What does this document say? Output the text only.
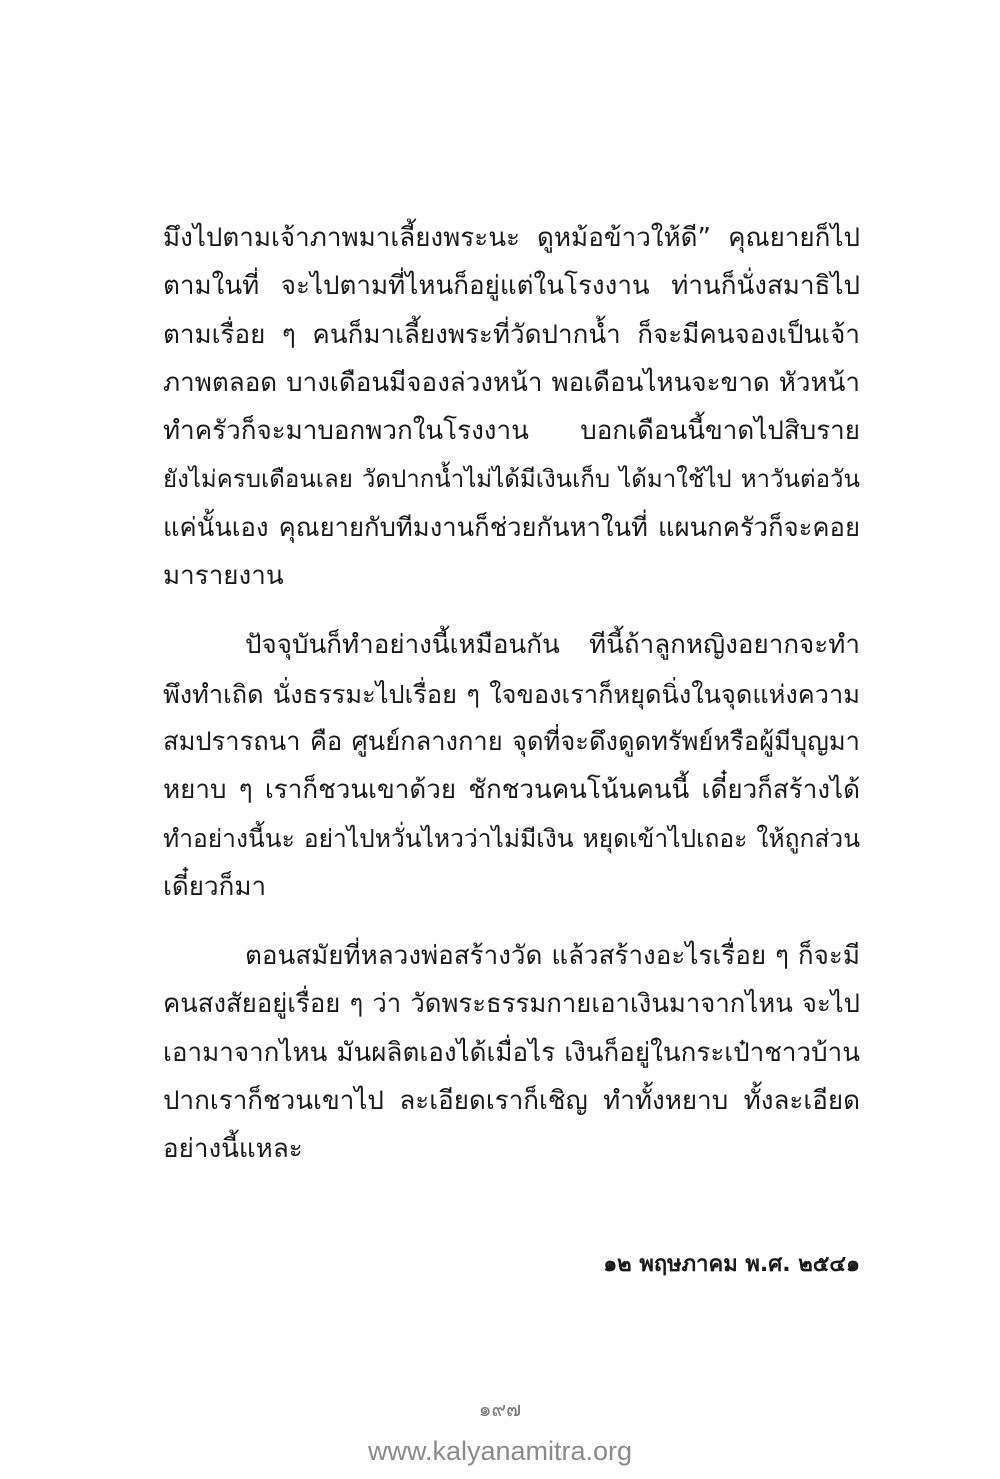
มึงไปตามเจ้าภาพมาเลี้ยงพระนะ ดูหม้อข้าวให้ดี” คุณยายก็ไป
ตามในที่ จะไปตามที่ไหนก็อยู่แต่ในโรงงาน ท่านก็นั่งสมาธิไป
ตามเรื่อย ๆ คนก็มาเลี้ยงพระที่วัดปากน้ำ ก็จะมีคนจองเป็นเจ้า
ภาพตลอด บางเดือนมีจองล่วงหน้า พอเดือนไหนจะขาด หัวหน้า
ทำครัวก็จะมาบอกพวกในโรงงาน บอกเดือนนี้ขาดไปสิบราย
ยังไม่ครบเดือนเลย วัดปากน้ำไม่ได้มีเงินเก็บ ได้มาใช้ไป หาวันต่อวัน
แค่นั้นเอง คุณยายกับทีมงานก็ช่วยกันหาในที่ แผนกครัวก็จะคอย
มารายงาน

ปัจจุบันก็ทำอย่างนี้เหมือนกัน ทีนี้ถ้าลูกหญิงอยากจะทำ
พึงทำเถิด นั่งธรรมะไปเรื่อย ๆ ใจของเราก็หยุดนิ่งในจุดแห่งความ
สมปรารถนา คือ ศูนย์กลางกาย จุดที่จะดึงดูดทรัพย์หรือผู้มีบุญมา
หยาบ ๆ เราก็ชวนเขาด้วย ชักชวนคนโน้นคนนี้ เดี๋ยวก็สร้างได้
ทำอย่างนี้นะ อย่าไปหวั่นไหวว่าไม่มีเงิน หยุดเข้าไปเถอะ ให้ถูกส่วน
เดี๋ยวก็มา

ตอนสมัยที่หลวงพ่อสร้างวัด แล้วสร้างอะไรเรื่อย ๆ ก็จะมี
คนสงสัยอยู่เรื่อย ๆ ว่า วัดพระธรรมกายเอาเงินมาจากไหน จะไป
เอามาจากไหน มันผลิตเองได้เมื่อไร เงินก็อยู่ในกระเป๋าชาวบ้าน
ปากเราก็ชวนเขาไป ละเอียดเราก็เชิญ ทำทั้งหยาบ ทั้งละเอียด
อย่างนี้แหละ

๑๒ พฤษภาคม พ.ศ. ๒๕๔๑
๑๙๗
www.kalyanamitra.org
